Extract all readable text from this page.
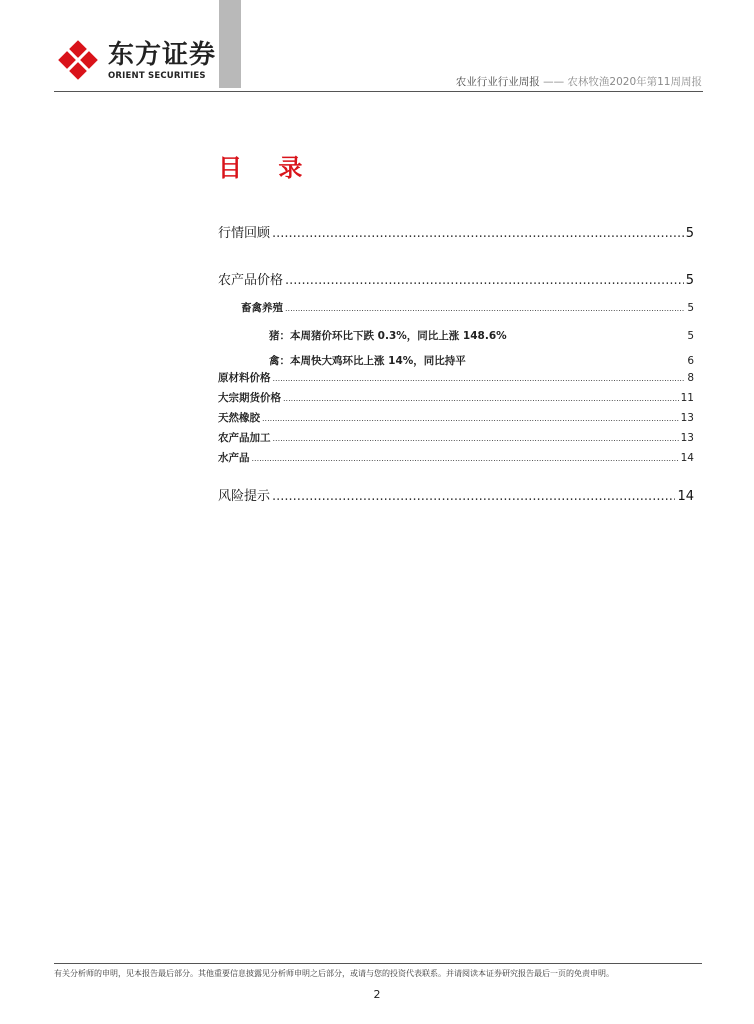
东方证券
ORIENT SECURITIES	农业行业行业周报 —— 农林牧渔2020年第11周周报
目 录
行情回顾 .....	5
农产品价格 .....	5
畜禽养殖 .....	5
猪：本周猪价环比下跌 0.3%，同比上涨 148.6%	5
禽：本周快大鸡环比上涨 14%，同比持平	6
原材料价格 .....	8
大宗期货价格 .....	11
天然橡胶 .....	13
农产品加工 .....	13
水产品 .....	14
风险提示 .....	14
有关分析师的申明，见本报告最后部分。其他重要信息披露见分析师申明之后部分，或请与您的投资代表联系。并请阅读本证券研究报告最后一页的免责申明。
2
